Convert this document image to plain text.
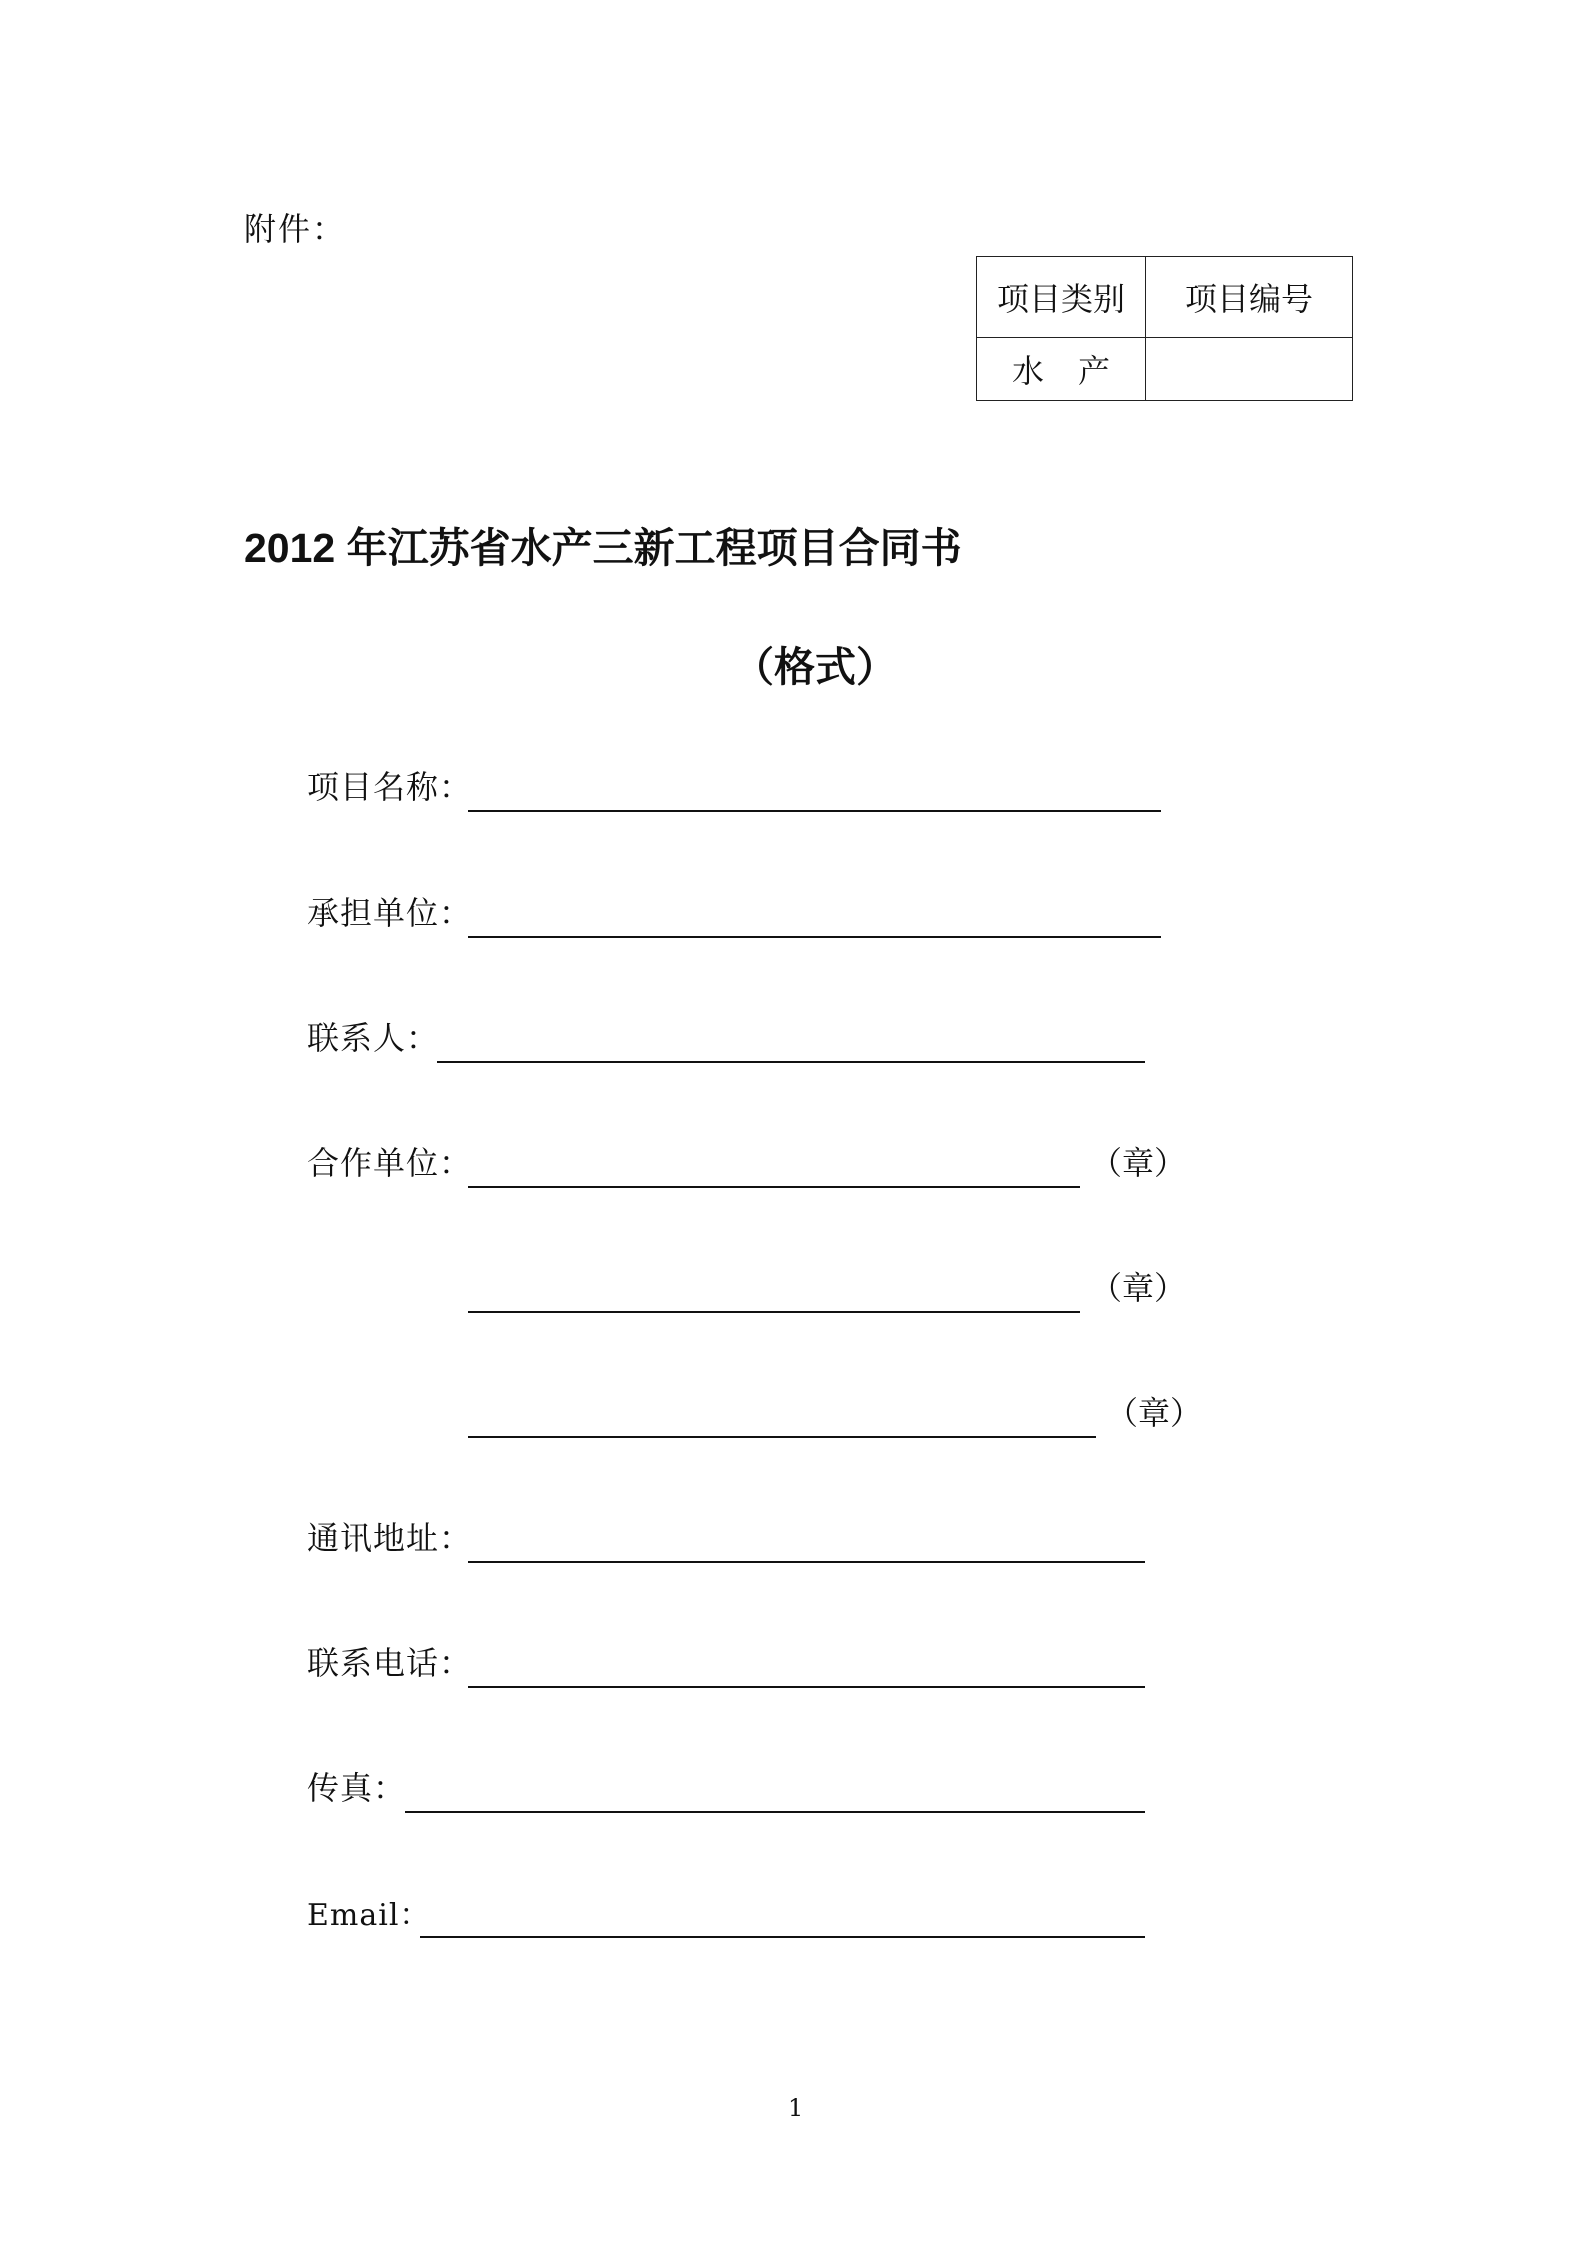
附件：
项目类别	项目编号
水产	
2012 年江苏省水产三新工程项目合同书
（格式）
项目名称：
承担单位：
联系人：
合作单位：	（章）
（章）
（章）
通讯地址：
联系电话：
传真：
Email：
1
